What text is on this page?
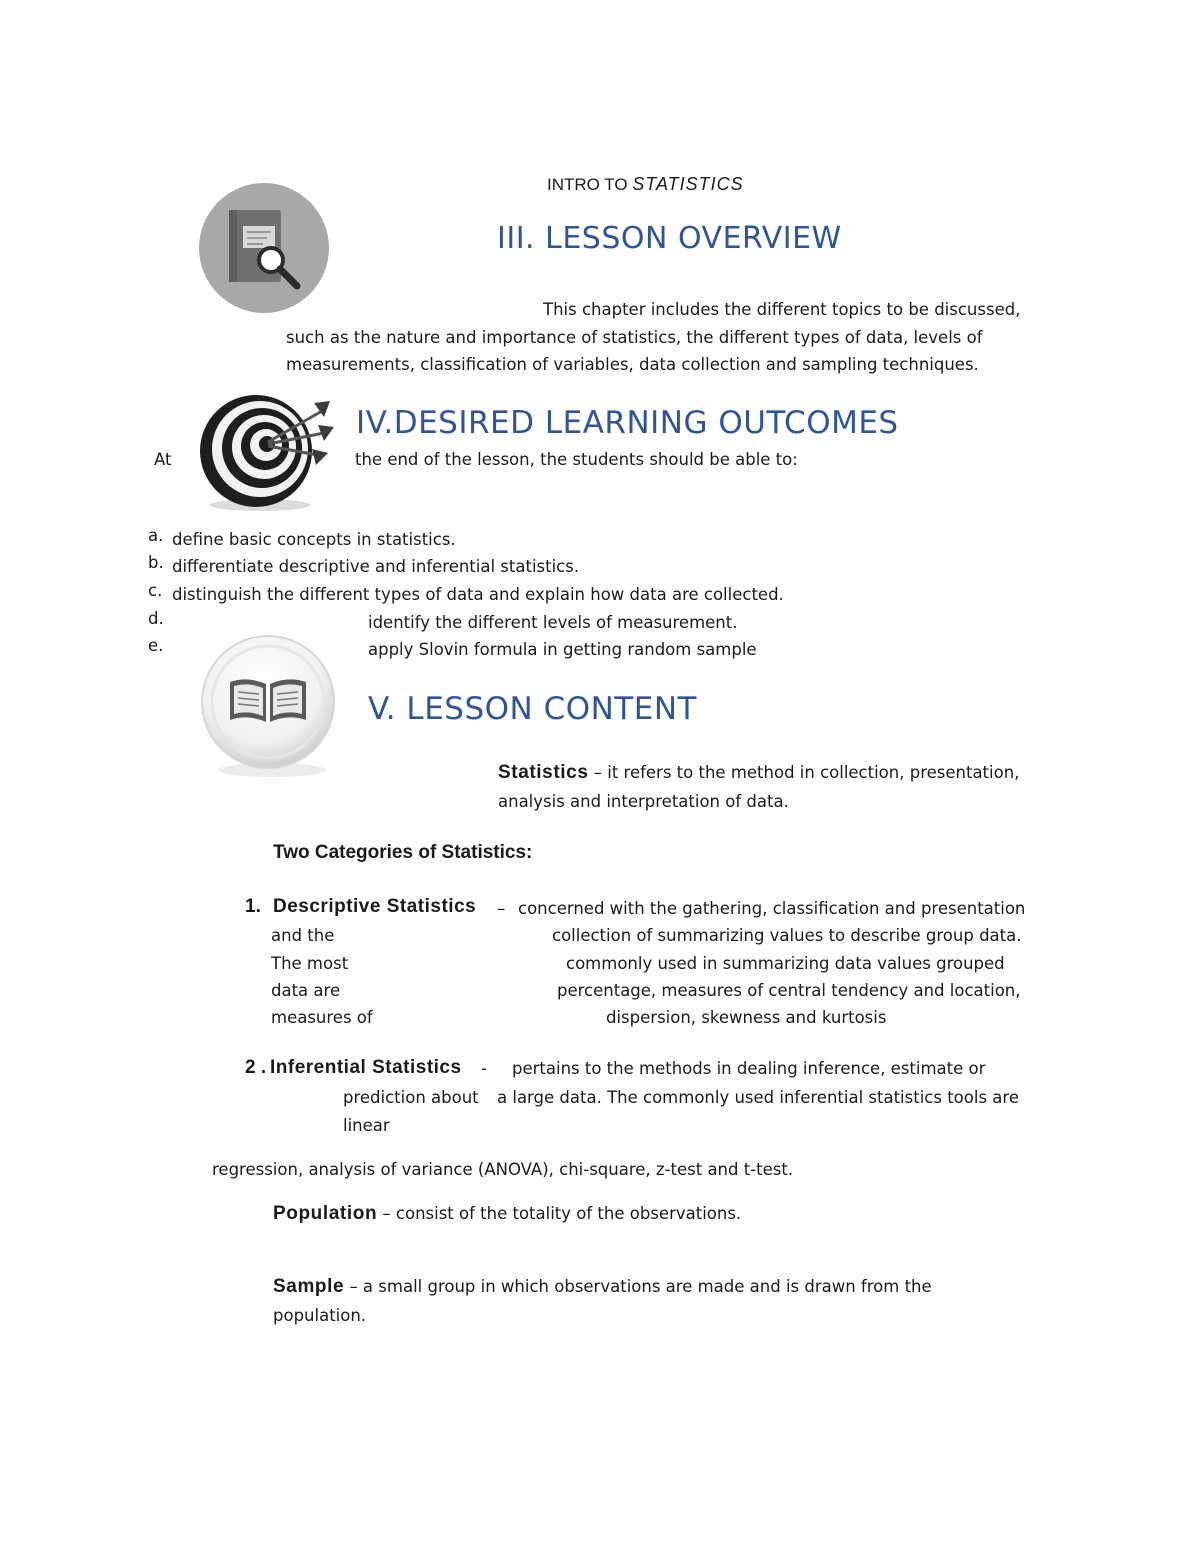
INTRO TO STATISTICS
III. LESSON OVERVIEW
This chapter includes the different topics to be discussed,
such as the nature and importance of statistics, the different types of data, levels of
measurements, classification of variables, data collection and sampling techniques.
IV.DESIRED LEARNING OUTCOMES
At	the end of the lesson, the students should be able to:
a. define basic concepts in statistics.
b. differentiate descriptive and inferential statistics.
c. distinguish the different types of data and explain how data are collected.
d.	identify the different levels of measurement.
e.	apply Slovin formula in getting random sample
V. LESSON CONTENT
Statistics – it refers to the method in collection, presentation,
analysis and interpretation of data.
Two Categories of Statistics:
1. Descriptive Statistics – concerned with the gathering, classification and presentation
and the	collection of summarizing values to describe group data.
The most	commonly used in summarizing data values grouped
data are	percentage, measures of central tendency and location,
measures of	dispersion, skewness and kurtosis
2 . Inferential Statistics - pertains to the methods in dealing inference, estimate or
prediction about a large data. The commonly used inferential statistics tools are
linear
regression, analysis of variance (ANOVA), chi-square, z-test and t-test.
Population – consist of the totality of the observations.
Sample – a small group in which observations are made and is drawn from the
population.
